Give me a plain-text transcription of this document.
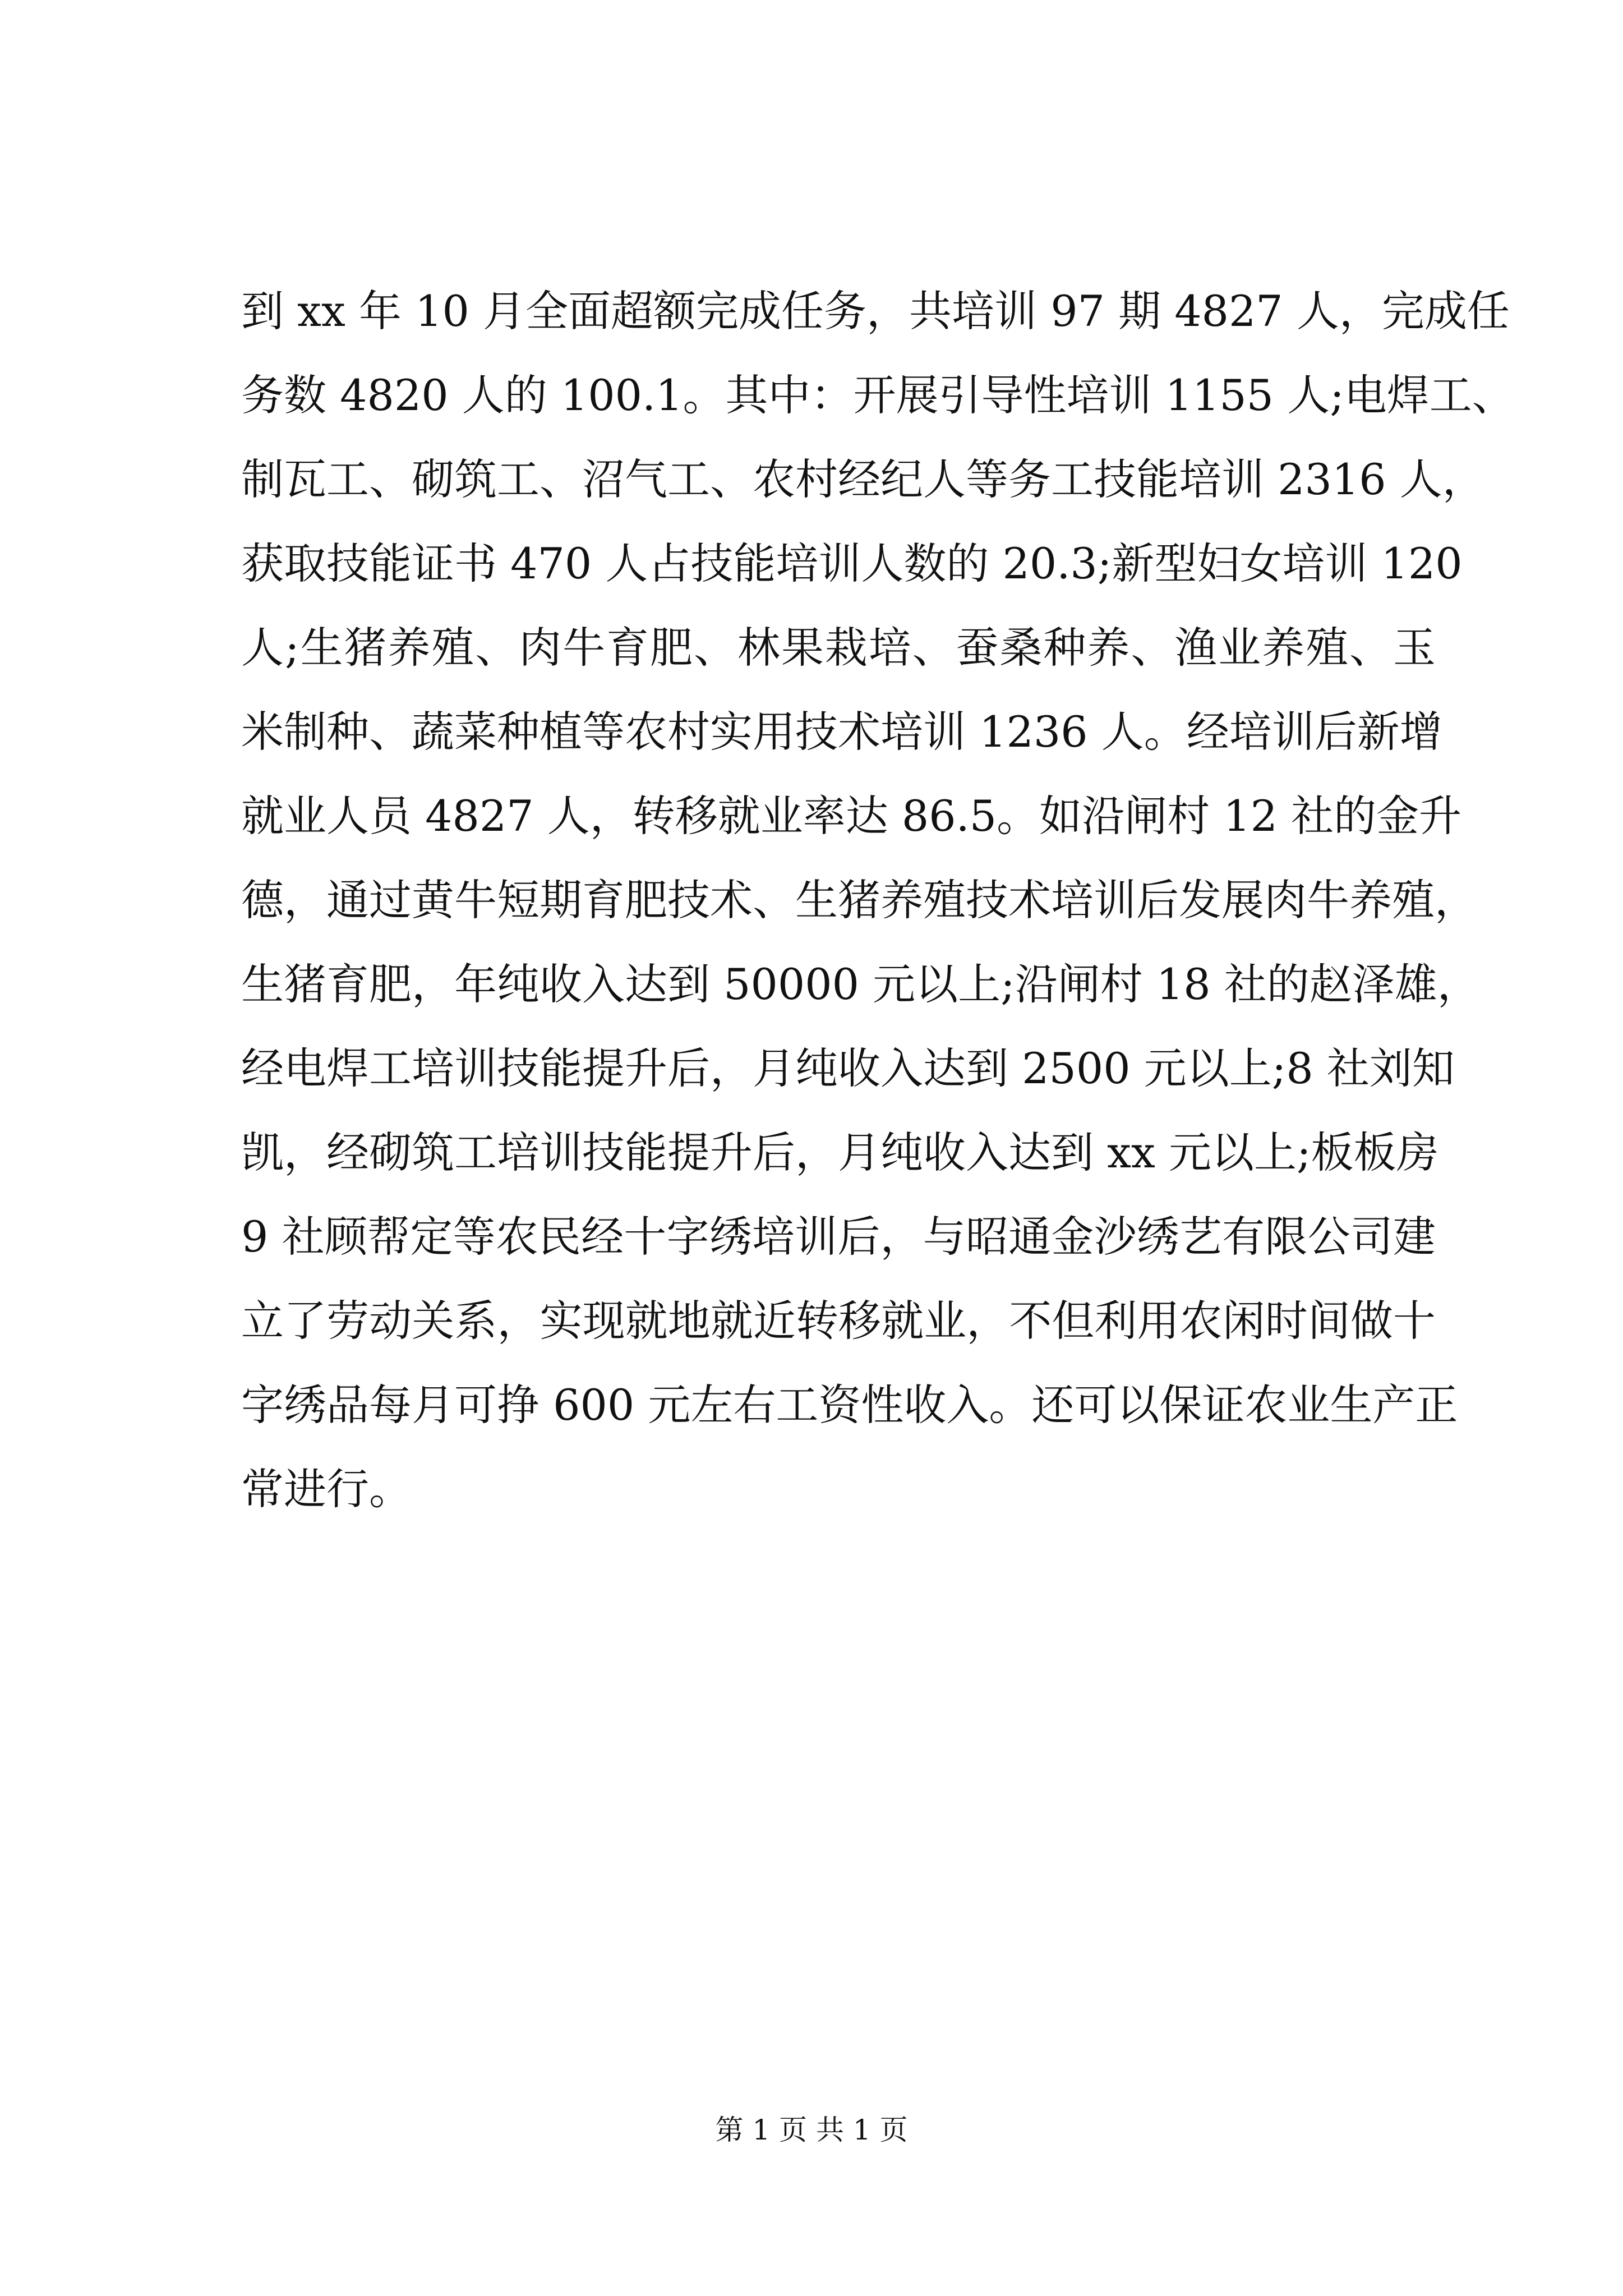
到 xx 年 10 月全面超额完成任务，共培训 97 期 4827 人，完成任
务数 4820 人的 100.1。其中：开展引导性培训 1155 人;电焊工、
制瓦工、砌筑工、沼气工、农村经纪人等务工技能培训 2316 人，
获取技能证书 470 人占技能培训人数的 20.3;新型妇女培训 120
人;生猪养殖、肉牛育肥、林果栽培、蚕桑种养、渔业养殖、玉
米制种、蔬菜种植等农村实用技术培训 1236 人。经培训后新增
就业人员 4827 人，转移就业率达 86.5。如沿闸村 12 社的金升
德，通过黄牛短期育肥技术、生猪养殖技术培训后发展肉牛养殖，
生猪育肥，年纯收入达到 50000 元以上;沿闸村 18 社的赵泽雄，
经电焊工培训技能提升后，月纯收入达到 2500 元以上;8 社刘知
凯，经砌筑工培训技能提升后，月纯收入达到 xx 元以上;板板房
9 社顾帮定等农民经十字绣培训后，与昭通金沙绣艺有限公司建
立了劳动关系，实现就地就近转移就业，不但利用农闲时间做十
字绣品每月可挣 600 元左右工资性收入。还可以保证农业生产正
常进行。
第 1 页 共 1 页
